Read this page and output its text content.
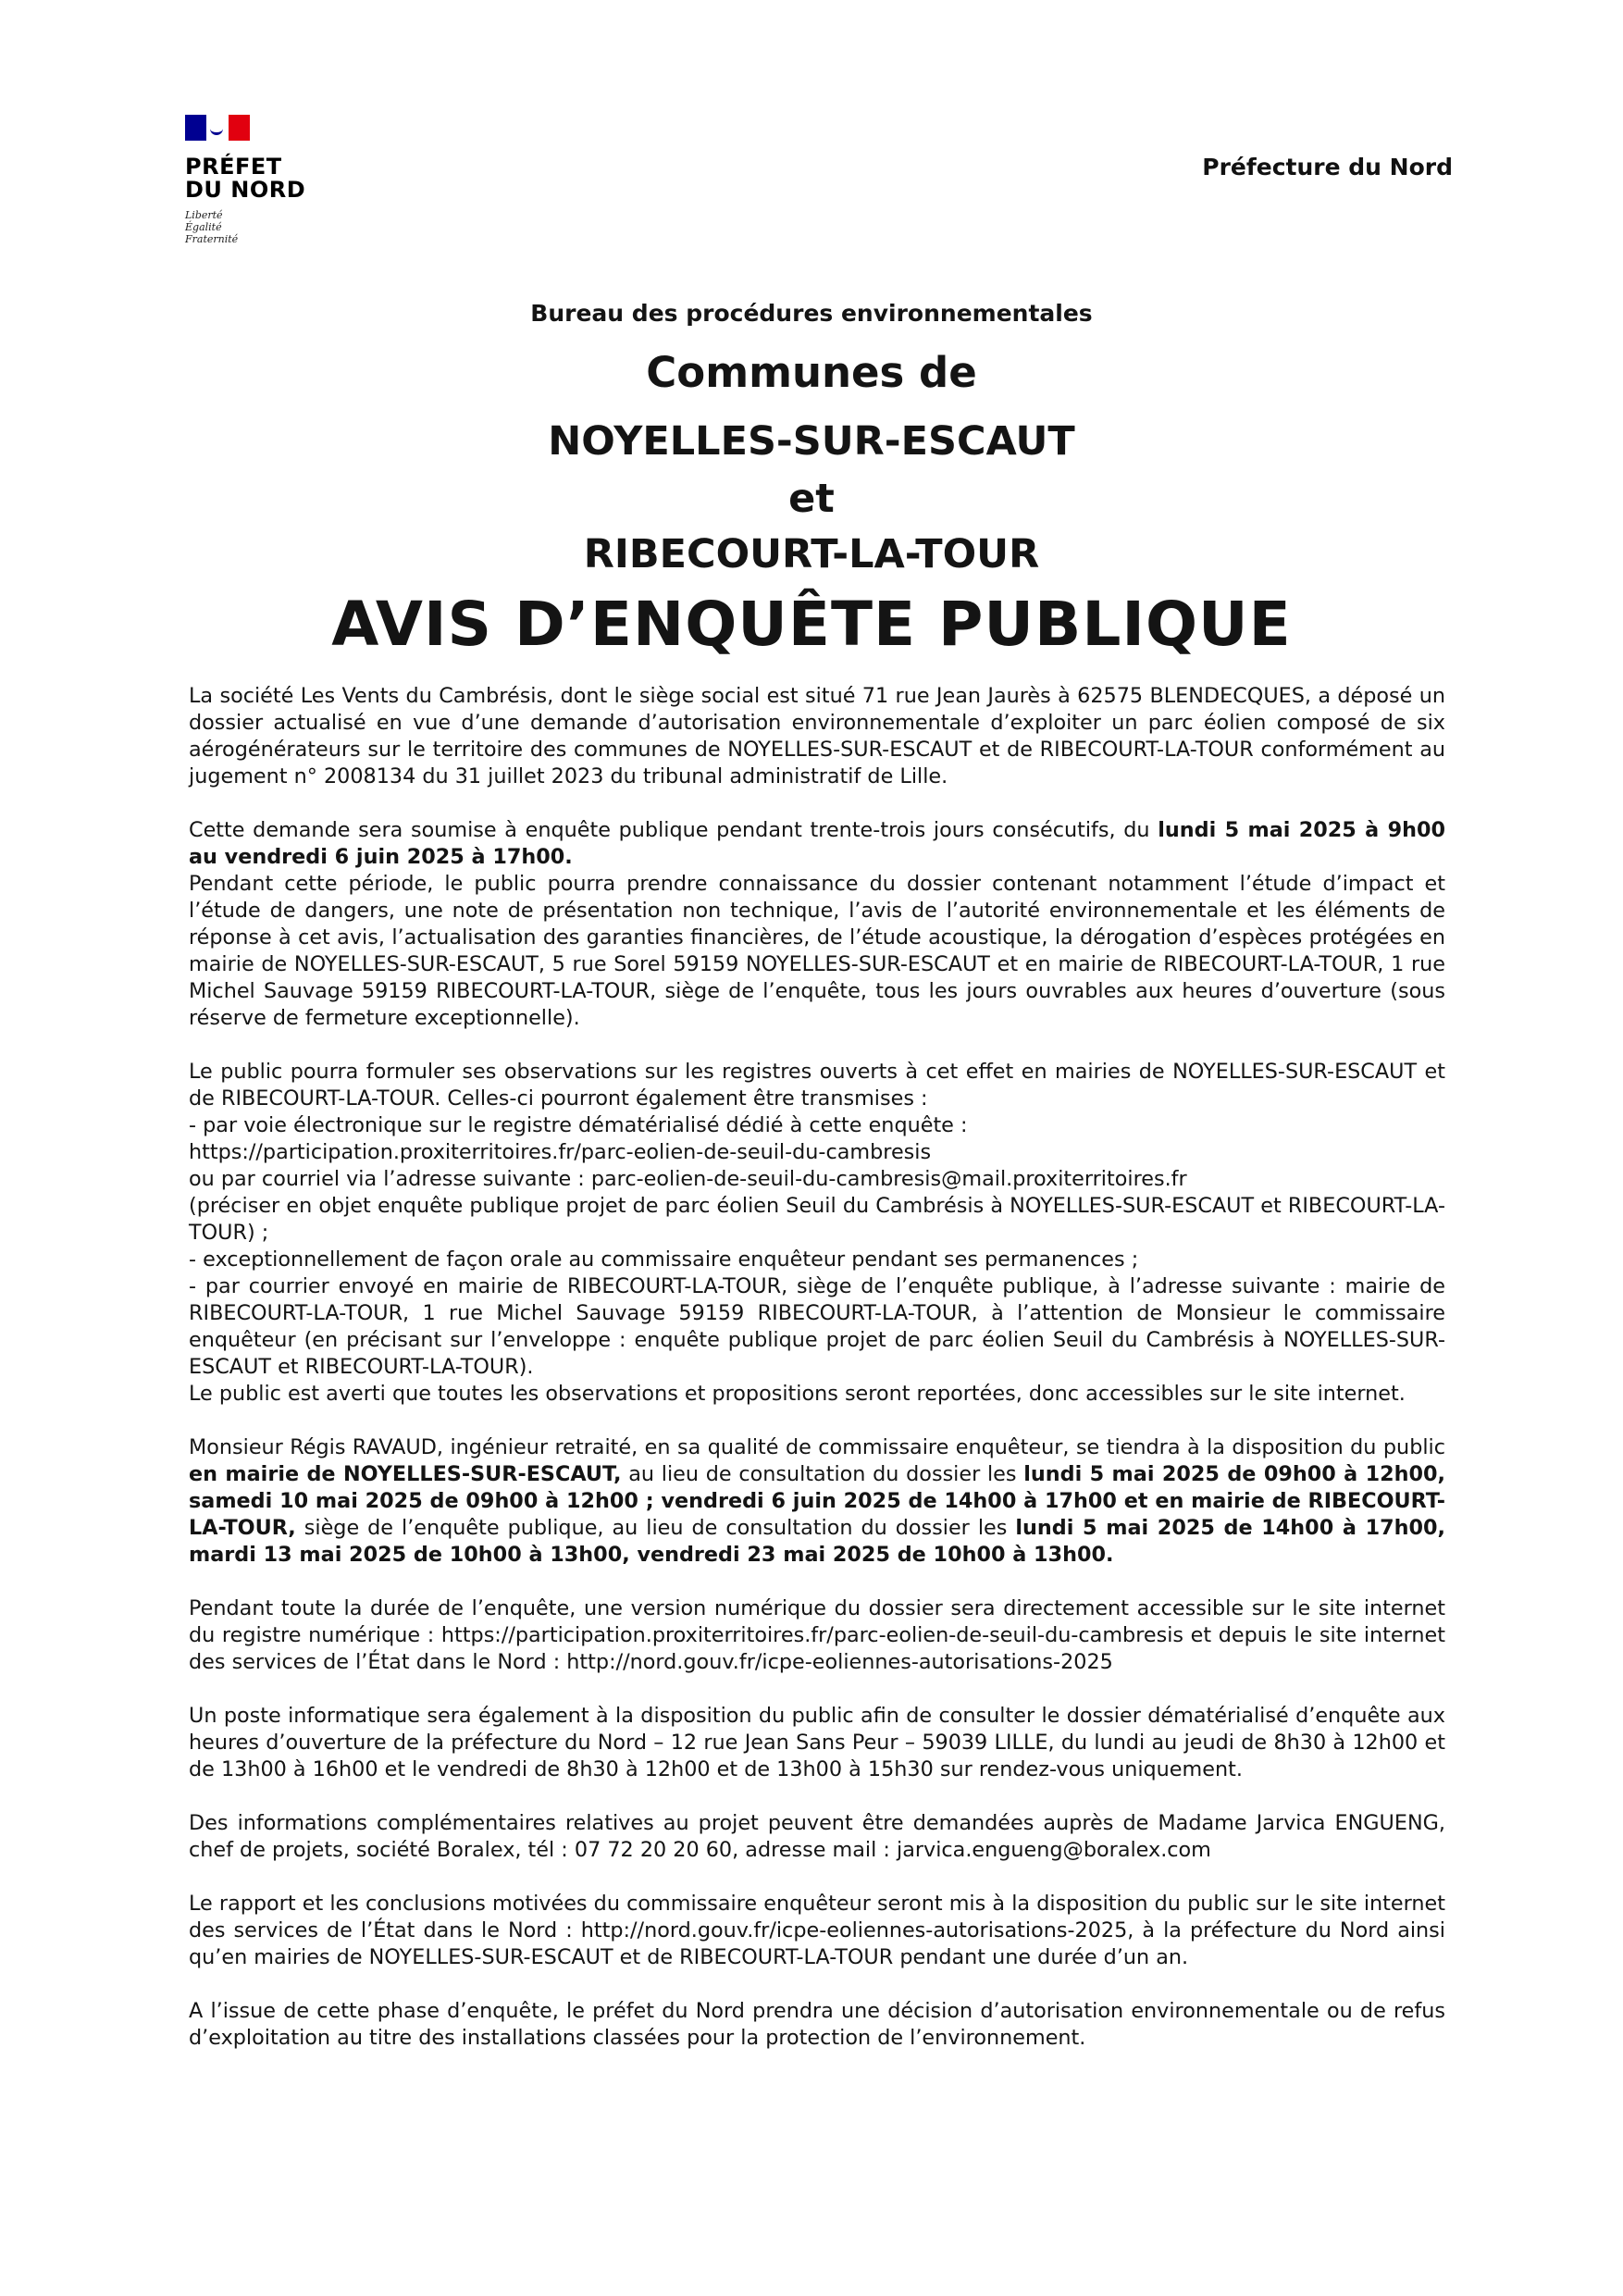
PRÉFET
DU NORD
Liberté
Égalité
Fraternité
Préfecture du Nord
Bureau des procédures environnementales
Communes de
NOYELLES-SUR-ESCAUT
et
RIBECOURT-LA-TOUR
AVIS D’ENQUÊTE PUBLIQUE

La société Les Vents du Cambrésis, dont le siège social est situé 71 rue Jean Jaurès à 62575 BLENDECQUES, a déposé un dossier actualisé en vue d’une demande d’autorisation environnementale d’exploiter un parc éolien composé de six aérogénérateurs sur le territoire des communes de NOYELLES-SUR-ESCAUT et de RIBECOURT-LA-TOUR conformément au jugement n° 2008134 du 31 juillet 2023 du tribunal administratif de Lille.

Cette demande sera soumise à enquête publique pendant trente-trois jours consécutifs, du lundi 5 mai 2025 à 9h00 au vendredi 6 juin 2025 à 17h00.

Pendant cette période, le public pourra prendre connaissance du dossier contenant notamment l’étude d’impact et l’étude de dangers, une note de présentation non technique, l’avis de l’autorité environnementale et les éléments de réponse à cet avis, l’actualisation des garanties financières, de l’étude acoustique, la dérogation d’espèces protégées en mairie de NOYELLES-SUR-ESCAUT, 5 rue Sorel 59159 NOYELLES-SUR-ESCAUT et en mairie de RIBECOURT-LA-TOUR, 1 rue Michel Sauvage 59159 RIBECOURT-LA-TOUR, siège de l’enquête, tous les jours ouvrables aux heures d’ouverture (sous réserve de fermeture exceptionnelle).

Le public pourra formuler ses observations sur les registres ouverts à cet effet en mairies de NOYELLES-SUR-ESCAUT et de RIBECOURT-LA-TOUR. Celles-ci pourront également être transmises :
- par voie électronique sur le registre dématérialisé dédié à cette enquête :
https://participation.proxiterritoires.fr/parc-eolien-de-seuil-du-cambresis
ou par courriel via l’adresse suivante : parc-eolien-de-seuil-du-cambresis@mail.proxiterritoires.fr
(préciser en objet enquête publique projet de parc éolien Seuil du Cambrésis à NOYELLES-SUR-ESCAUT et RIBECOURT-LA-TOUR) ;
- exceptionnellement de façon orale au commissaire enquêteur pendant ses permanences ;
- par courrier envoyé en mairie de RIBECOURT-LA-TOUR, siège de l’enquête publique, à l’adresse suivante : mairie de RIBECOURT-LA-TOUR, 1 rue Michel Sauvage 59159 RIBECOURT-LA-TOUR, à l’attention de Monsieur le commissaire enquêteur (en précisant sur l’enveloppe : enquête publique projet de parc éolien Seuil du Cambrésis à NOYELLES-SUR-ESCAUT et RIBECOURT-LA-TOUR).
Le public est averti que toutes les observations et propositions seront reportées, donc accessibles sur le site internet.

Monsieur Régis RAVAUD, ingénieur retraité, en sa qualité de commissaire enquêteur, se tiendra à la disposition du public en mairie de NOYELLES-SUR-ESCAUT, au lieu de consultation du dossier les lundi 5 mai 2025 de 09h00 à 12h00, samedi 10 mai 2025 de 09h00 à 12h00 ; vendredi 6 juin 2025 de 14h00 à 17h00 et en mairie de RIBECOURT-LA-TOUR, siège de l’enquête publique, au lieu de consultation du dossier les lundi 5 mai 2025 de 14h00 à 17h00, mardi 13 mai 2025 de 10h00 à 13h00, vendredi 23 mai 2025 de 10h00 à 13h00.

Pendant toute la durée de l’enquête, une version numérique du dossier sera directement accessible sur le site internet du registre numérique : https://participation.proxiterritoires.fr/parc-eolien-de-seuil-du-cambresis et depuis le site internet des services de l’État dans le Nord : http://nord.gouv.fr/icpe-eoliennes-autorisations-2025

Un poste informatique sera également à la disposition du public afin de consulter le dossier dématérialisé d’enquête aux heures d’ouverture de la préfecture du Nord – 12 rue Jean Sans Peur – 59039 LILLE, du lundi au jeudi de 8h30 à 12h00 et de 13h00 à 16h00 et le vendredi de 8h30 à 12h00 et de 13h00 à 15h30 sur rendez-vous uniquement.

Des informations complémentaires relatives au projet peuvent être demandées auprès de Madame Jarvica ENGUENG, chef de projets, société Boralex, tél : 07 72 20 20 60, adresse mail : jarvica.engueng@boralex.com

Le rapport et les conclusions motivées du commissaire enquêteur seront mis à la disposition du public sur le site internet des services de l’État dans le Nord : http://nord.gouv.fr/icpe-eoliennes-autorisations-2025, à la préfecture du Nord ainsi qu’en mairies de NOYELLES-SUR-ESCAUT et de RIBECOURT-LA-TOUR pendant une durée d’un an.

A l’issue de cette phase d’enquête, le préfet du Nord prendra une décision d’autorisation environnementale ou de refus d’exploitation au titre des installations classées pour la protection de l’environnement.
